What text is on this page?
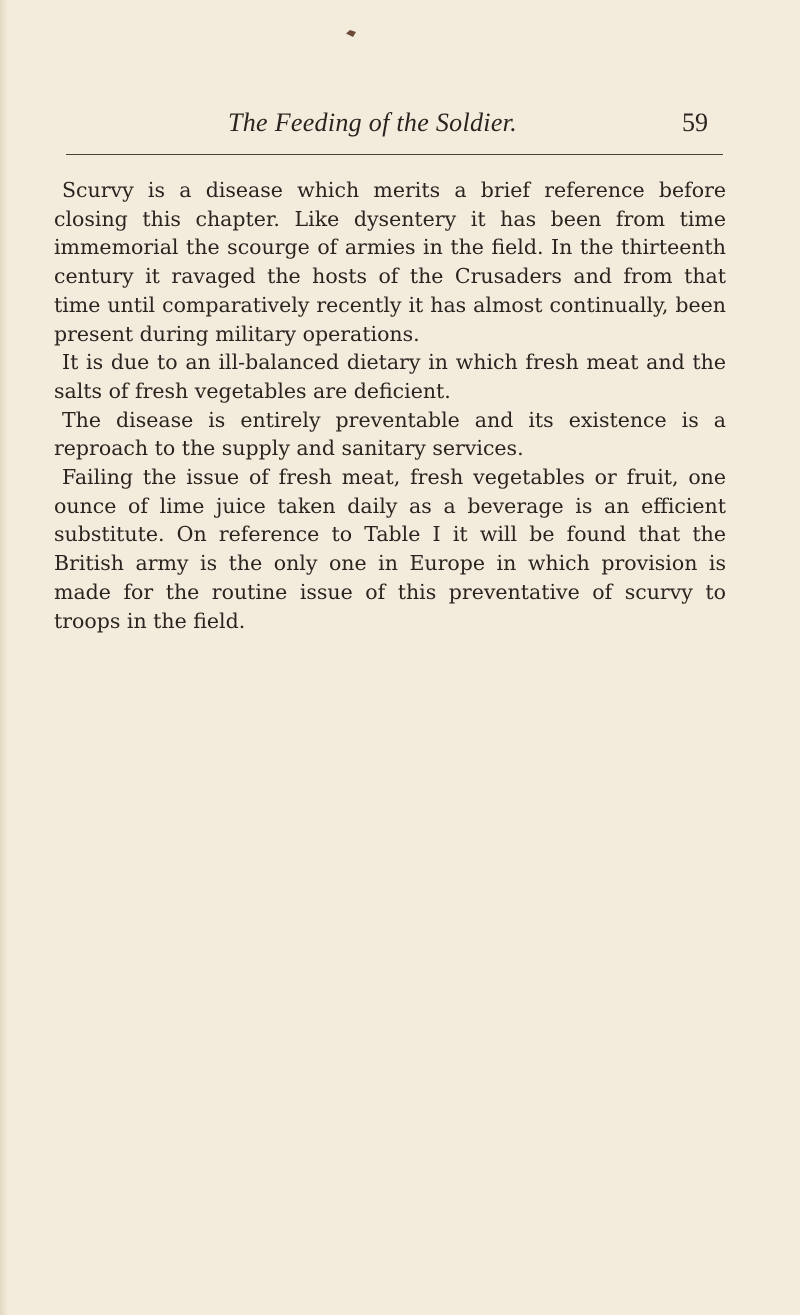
The Feeding of the Soldier.	59

Scurvy is a disease which merits a brief reference before closing this chapter. Like dysentery it has been from time immemorial the scourge of armies in the field. In the thirteenth century it ravaged the hosts of the Crusaders and from that time until comparatively recently it has almost continually, been present during military operations.

It is due to an ill-balanced dietary in which fresh meat and the salts of fresh vegetables are deficient.

The disease is entirely preventable and its existence is a reproach to the supply and sanitary services.

Failing the issue of fresh meat, fresh vegetables or fruit, one ounce of lime juice taken daily as a beverage is an efficient substitute. On reference to Table I it will be found that the British army is the only one in Europe in which provision is made for the routine issue of this preventative of scurvy to troops in the field.
